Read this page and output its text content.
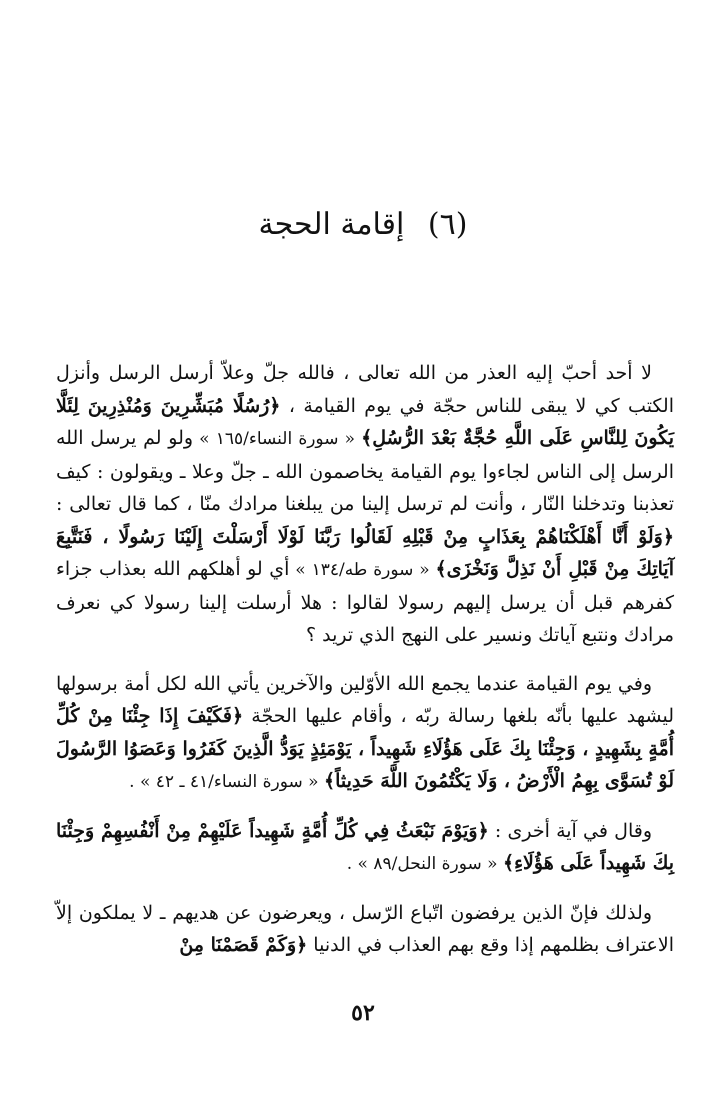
(٦) إقامة الحجة

لا أحد أحبّ إليه العذر من الله تعالى ، فالله جلّ وعلاّ أرسل الرسل وأنزل الكتب كي لا يبقى للناس حجّة في يوم القيامة ، ﴿رُسُلًا مُبَشِّرِينَ وَمُنْذِرِينَ لِئَلَّا يَكُونَ لِلنَّاسِ عَلَى اللَّهِ حُجَّةٌ بَعْدَ الرُّسُلِ﴾ « سورة النساء/١٦٥ » ولو لم يرسل الله الرسل إلى الناس لجاءوا يوم القيامة يخاصمون الله ـ جلّ وعلا ـ ويقولون : كيف تعذبنا وتدخلنا النّار ، وأنت لم ترسل إلينا من يبلغنا مرادك منّا ، كما قال تعالى : ﴿وَلَوْ أَنَّا أَهْلَكْنَاهُمْ بِعَذَابٍ مِنْ قَبْلِهِ لَقَالُوا رَبَّنَا لَوْلَا أَرْسَلْتَ إِلَيْنَا رَسُولًا ، فَنَتَّبِعَ آيَاتِكَ مِنْ قَبْلِ أَنْ نَذِلَّ وَنَخْزَى﴾ « سورة طه/١٣٤ » أي لو أهلكهم الله بعذاب جزاء كفرهم قبل أن يرسل إليهم رسولا لقالوا : هلا أرسلت إلينا رسولا كي نعرف مرادك ونتبع آياتك ونسير على النهج الذي تريد ؟

وفي يوم القيامة عندما يجمع الله الأوّلين والآخرين يأتي الله لكل أمة برسولها ليشهد عليها بأنّه بلغها رسالة ربّه ، وأقام عليها الحجّة ﴿فَكَيْفَ إِذَا جِئْنَا مِنْ كُلِّ أُمَّةٍ بِشَهِيدٍ ، وَجِئْنَا بِكَ عَلَى هَؤُلَاءِ شَهِيداً ، يَوْمَئِذٍ يَوَدُّ الَّذِينَ كَفَرُوا وَعَصَوُا الرَّسُولَ لَوْ تُسَوَّى بِهِمُ الْأَرْضُ ، وَلَا يَكْتُمُونَ اللَّهَ حَدِيثاً﴾ « سورة النساء/٤١ ـ ٤٢ » .

وقال في آية أخرى : ﴿وَيَوْمَ نَبْعَثُ فِي كُلِّ أُمَّةٍ شَهِيداً عَلَيْهِمْ مِنْ أَنْفُسِهِمْ وَجِئْنَا بِكَ شَهِيداً عَلَى هَؤُلَاءِ﴾ « سورة النحل/٨٩ » .

ولذلك فإنّ الذين يرفضون اتّباع الرّسل ، ويعرضون عن هديهم ـ لا يملكون إلاّ الاعتراف بظلمهم إذا وقع بهم العذاب في الدنيا ﴿وَكَمْ قَصَمْنَا مِنْ

٥٢
